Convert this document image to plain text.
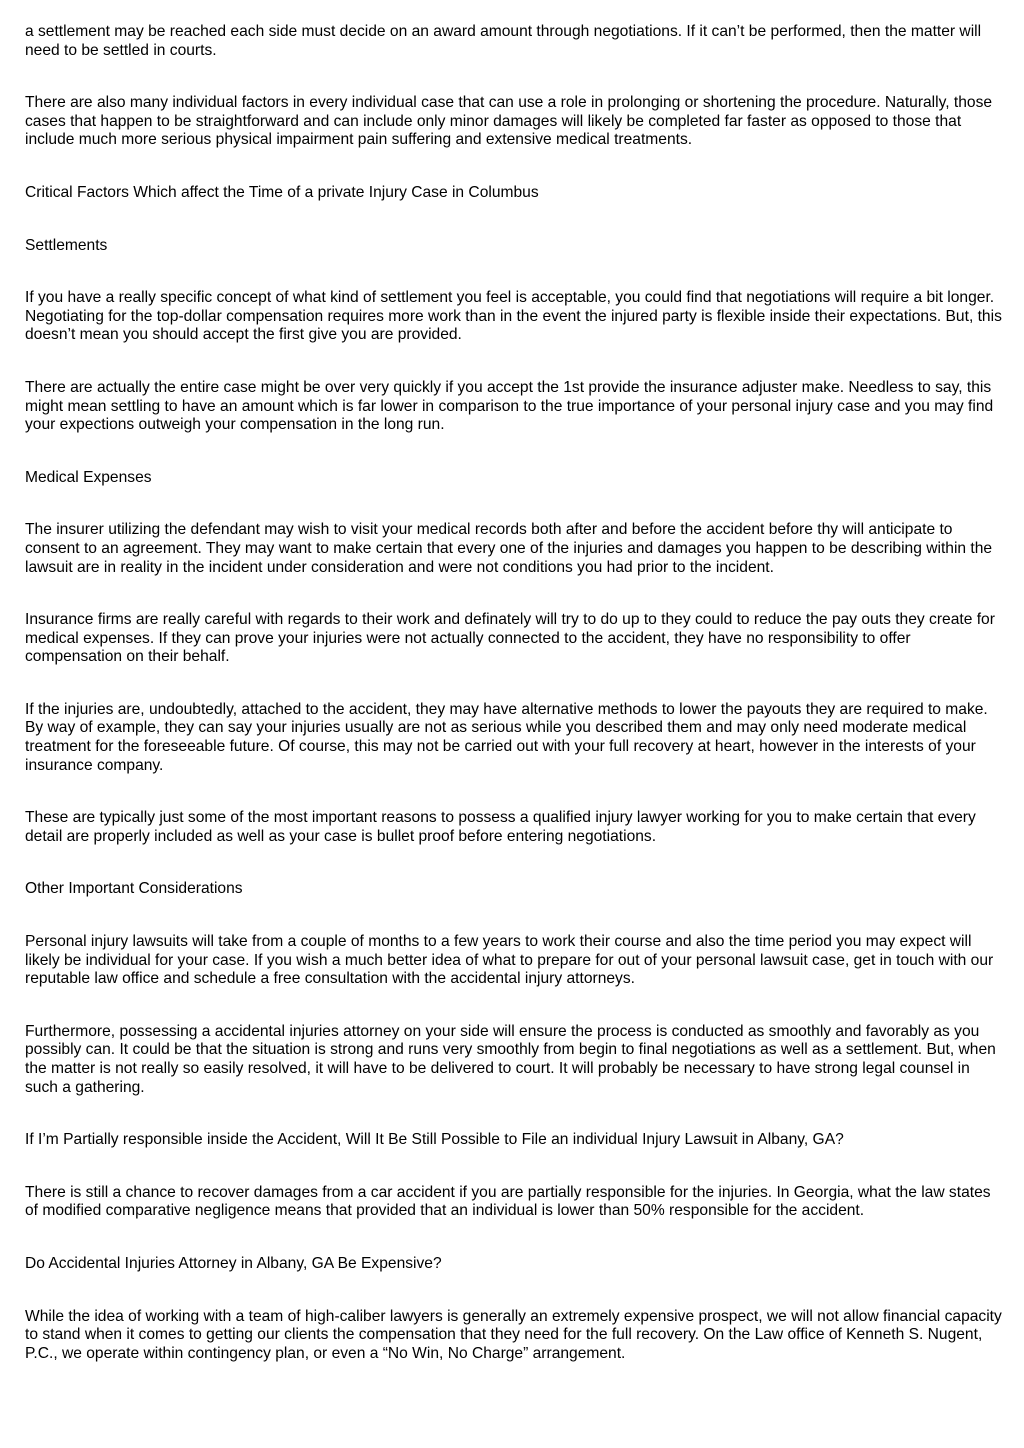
a settlement may be reached each side must decide on an award amount through negotiations. If it can’t be performed, then the matter will need to be settled in courts.

There are also many individual factors in every individual case that can use a role in prolonging or shortening the procedure. Naturally, those cases that happen to be straightforward and can include only minor damages will likely be completed far faster as opposed to those that include much more serious physical impairment pain suffering and extensive medical treatments.

Critical Factors Which affect the Time of a private Injury Case in Columbus

Settlements

If you have a really specific concept of what kind of settlement you feel is acceptable, you could find that negotiations will require a bit longer. Negotiating for the top-dollar compensation requires more work than in the event the injured party is flexible inside their expectations. But, this doesn’t mean you should accept the first give you are provided.

There are actually the entire case might be over very quickly if you accept the 1st provide the insurance adjuster make. Needless to say, this might mean settling to have an amount which is far lower in comparison to the true importance of your personal injury case and you may find your expections outweigh your compensation in the long run.

Medical Expenses

The insurer utilizing the defendant may wish to visit your medical records both after and before the accident before thy will anticipate to consent to an agreement. They may want to make certain that every one of the injuries and damages you happen to be describing within the lawsuit are in reality in the incident under consideration and were not conditions you had prior to the incident.

Insurance firms are really careful with regards to their work and definately will try to do up to they could to reduce the pay outs they create for medical expenses. If they can prove your injuries were not actually connected to the accident, they have no responsibility to offer compensation on their behalf.

If the injuries are, undoubtedly, attached to the accident, they may have alternative methods to lower the payouts they are required to make. By way of example, they can say your injuries usually are not as serious while you described them and may only need moderate medical treatment for the foreseeable future. Of course, this may not be carried out with your full recovery at heart, however in the interests of your insurance company.

These are typically just some of the most important reasons to possess a qualified injury lawyer working for you to make certain that every detail are properly included as well as your case is bullet proof before entering negotiations.

Other Important Considerations

Personal injury lawsuits will take from a couple of months to a few years to work their course and also the time period you may expect will likely be individual for your case. If you wish a much better idea of what to prepare for out of your personal lawsuit case, get in touch with our reputable law office and schedule a free consultation with the accidental injury attorneys.

Furthermore, possessing a accidental injuries attorney on your side will ensure the process is conducted as smoothly and favorably as you possibly can. It could be that the situation is strong and runs very smoothly from begin to final negotiations as well as a settlement. But, when the matter is not really so easily resolved, it will have to be delivered to court. It will probably be necessary to have strong legal counsel in such a gathering.

If I’m Partially responsible inside the Accident, Will It Be Still Possible to File an individual Injury Lawsuit in Albany, GA?

There is still a chance to recover damages from a car accident if you are partially responsible for the injuries. In Georgia, what the law states of modified comparative negligence means that provided that an individual is lower than 50% responsible for the accident.

Do Accidental Injuries Attorney in Albany, GA Be Expensive?

While the idea of working with a team of high-caliber lawyers is generally an extremely expensive prospect, we will not allow financial capacity to stand when it comes to getting our clients the compensation that they need for the full recovery. On the Law office of Kenneth S. Nugent, P.C., we operate within contingency plan, or even a “No Win, No Charge” arrangement.
